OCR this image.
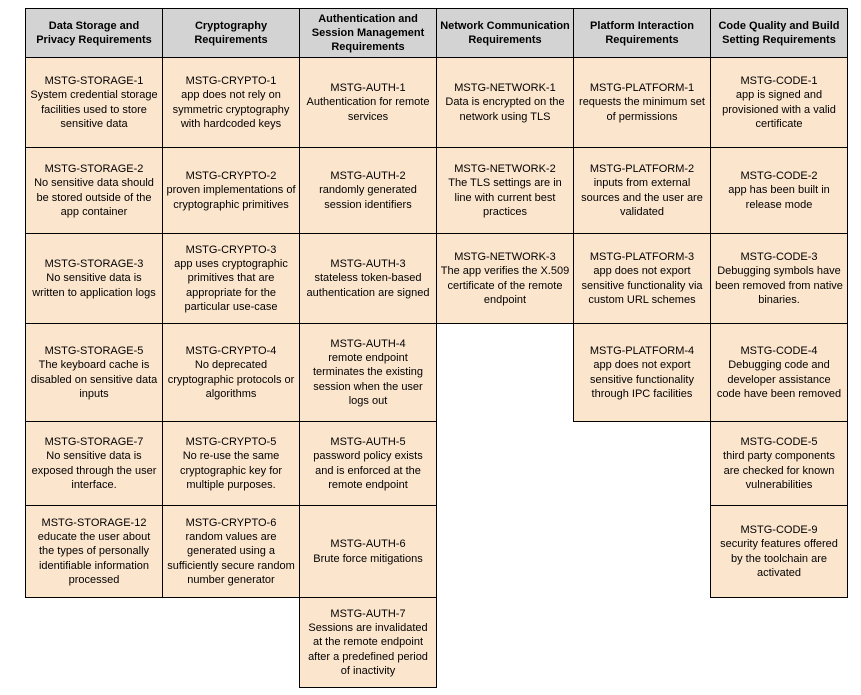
Data Storage and Privacy Requirements	Cryptography Requirements	Authentication and Session Management Requirements	Network Communication Requirements	Platform Interaction Requirements	Code Quality and Build Setting Requirements

MSTG-STORAGE-1
System credential storage facilities used to store sensitive data	MSTG-CRYPTO-1
app does not rely on symmetric cryptography with hardcoded keys	MSTG-AUTH-1
Authentication for remote services	MSTG-NETWORK-1
Data is encrypted on the network using TLS	MSTG-PLATFORM-1
requests the minimum set of permissions	MSTG-CODE-1
app is signed and provisioned with a valid certificate

MSTG-STORAGE-2
No sensitive data should be stored outside of the app container	MSTG-CRYPTO-2
proven implementations of cryptographic primitives	MSTG-AUTH-2
randomly generated session identifiers	MSTG-NETWORK-2
The TLS settings are in line with current best practices	MSTG-PLATFORM-2
inputs from external sources and the user are validated	MSTG-CODE-2
app has been built in release mode

MSTG-STORAGE-3
No sensitive data is written to application logs	MSTG-CRYPTO-3
app uses cryptographic primitives that are appropriate for the particular use-case	MSTG-AUTH-3
stateless token-based authentication are signed	MSTG-NETWORK-3
The app verifies the X.509 certificate of the remote endpoint	MSTG-PLATFORM-3
app does not export sensitive functionality via custom URL schemes	MSTG-CODE-3
Debugging symbols have been removed from native binaries.

MSTG-STORAGE-5
The keyboard cache is disabled on sensitive data inputs	MSTG-CRYPTO-4
No deprecated cryptographic protocols or algorithms	MSTG-AUTH-4
remote endpoint terminates the existing session when the user logs out		MSTG-PLATFORM-4
app does not export sensitive functionality through IPC facilities	MSTG-CODE-4
Debugging code and developer assistance code have been removed

MSTG-STORAGE-7
No sensitive data is exposed through the user interface.	MSTG-CRYPTO-5
No re-use the same cryptographic key for multiple purposes.	MSTG-AUTH-5
password policy exists and is enforced at the remote endpoint			MSTG-CODE-5
third party components are checked for known vulnerabilities

MSTG-STORAGE-12
educate the user about the types of personally identifiable information processed	MSTG-CRYPTO-6
random values are generated using a sufficiently secure random number generator	MSTG-AUTH-6
Brute force mitigations			MSTG-CODE-9
security features offered by the toolchain are activated

		MSTG-AUTH-7
Sessions are invalidated at the remote endpoint after a predefined period of inactivity			
